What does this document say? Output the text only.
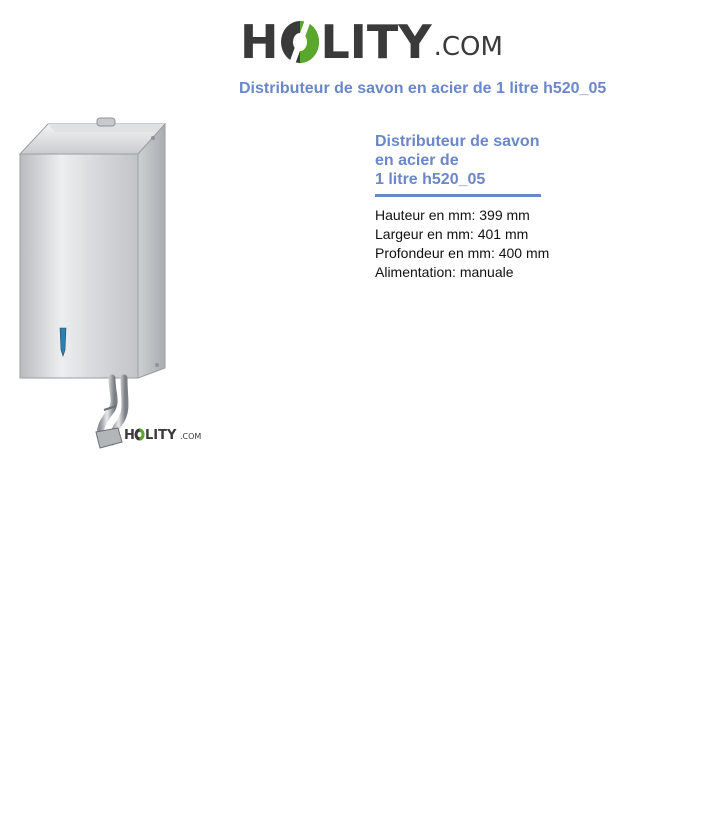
H LITY .COM
Distributeur de savon en acier de 1 litre h520_05
H LITY .COM
Distributeur de savon
en acier de
1 litre h520_05
Hauteur en mm: 399 mm
Largeur en mm: 401 mm
Profondeur en mm: 400 mm
Alimentation: manuale
